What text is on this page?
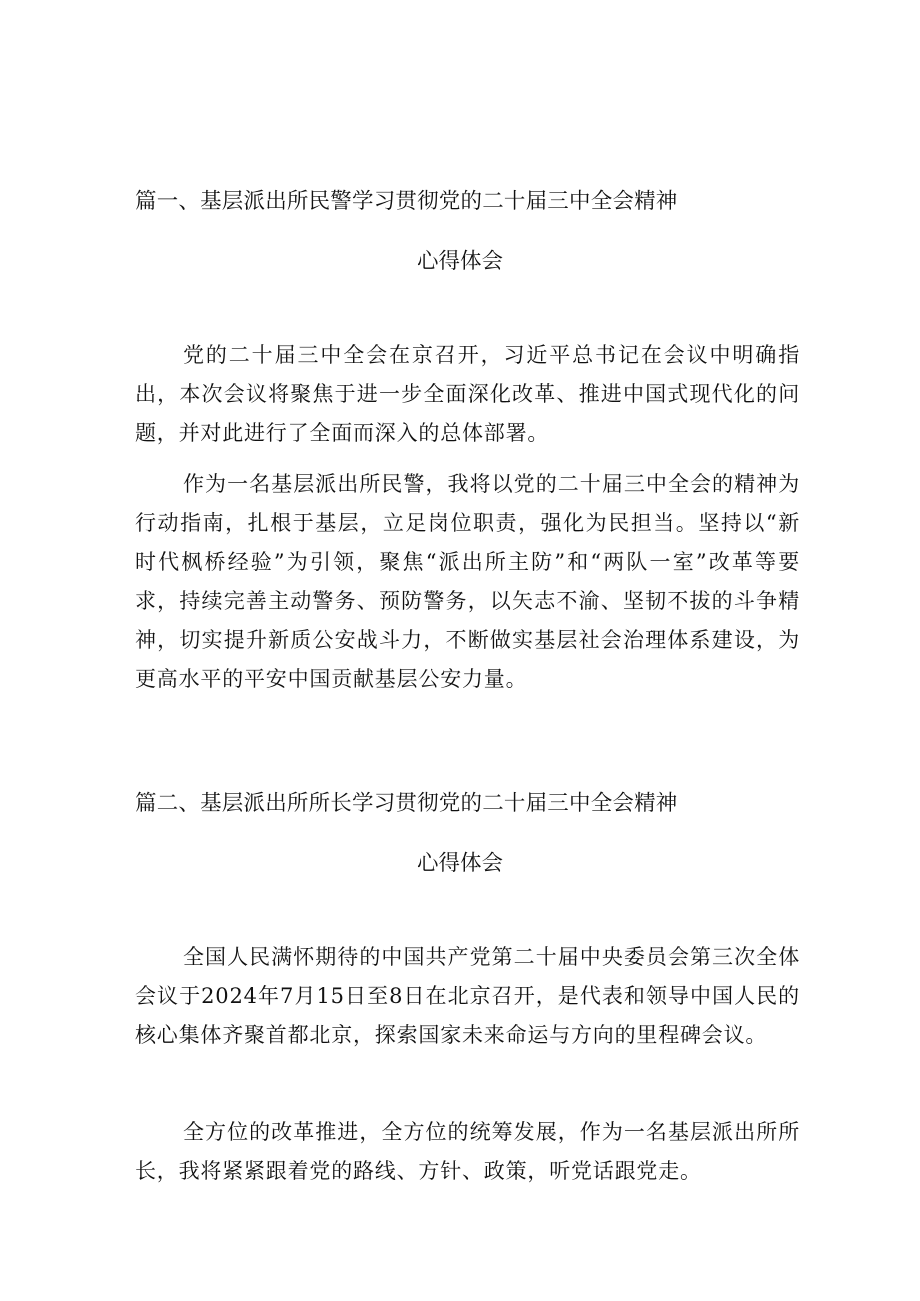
篇一、基层派出所民警学习贯彻党的二十届三中全会精神
心得体会

党的二十届三中全会在京召开，习近平总书记在会议中明确指出，本次会议将聚焦于进一步全面深化改革、推进中国式现代化的问题，并对此进行了全面而深入的总体部署。

作为一名基层派出所民警，我将以党的二十届三中全会的精神为行动指南，扎根于基层，立足岗位职责，强化为民担当。坚持以“新时代枫桥经验”为引领，聚焦“派出所主防”和“两队一室”改革等要求，持续完善主动警务、预防警务，以矢志不渝、坚韧不拔的斗争精神，切实提升新质公安战斗力，不断做实基层社会治理体系建设，为更高水平的平安中国贡献基层公安力量。

篇二、基层派出所所长学习贯彻党的二十届三中全会精神
心得体会

全国人民满怀期待的中国共产党第二十届中央委员会第三次全体会议于2024年7月15日至8日在北京召开，是代表和领导中国人民的核心集体齐聚首都北京，探索国家未来命运与方向的里程碑会议。

全方位的改革推进，全方位的统筹发展，作为一名基层派出所所长，我将紧紧跟着党的路线、方针、政策，听党话跟党走。
